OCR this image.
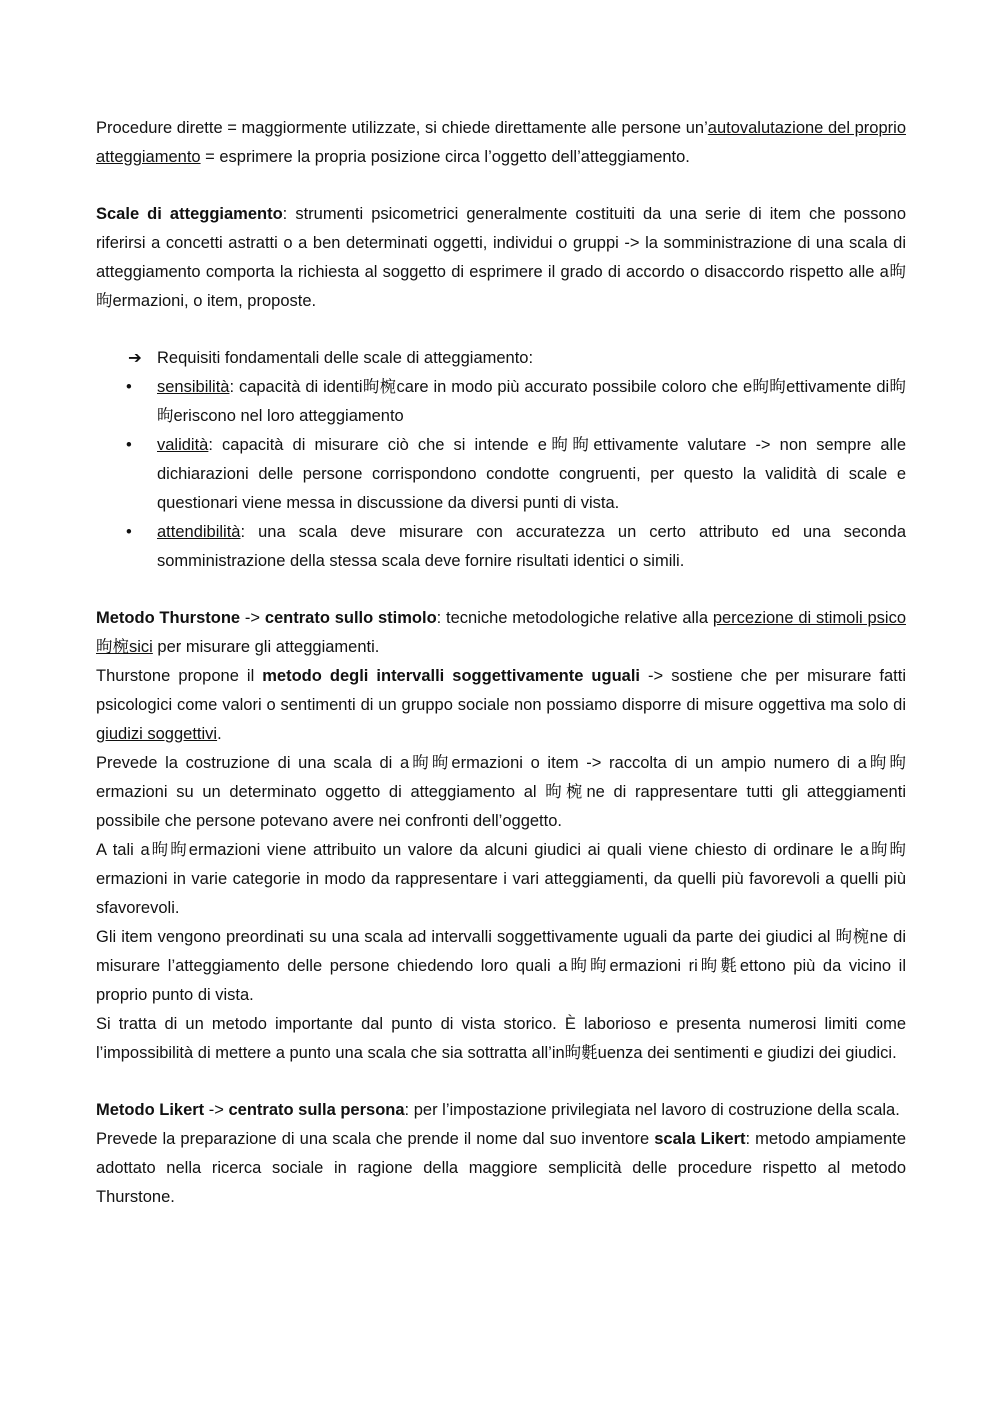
Procedure dirette = maggiormente utilizzate, si chiede direttamente alle persone un’autovalutazione del proprio atteggiamento = esprimere la propria posizione circa l’oggetto dell’atteggiamento.

Scale di atteggiamento: strumenti psicometrici generalmente costituiti da una serie di item che possono riferirsi a concetti astratti o a ben determinati oggetti, individui o gruppi -> la somministrazione di una scala di atteggiamento comporta la richiesta al soggetto di esprimere il grado di accordo o disaccordo rispetto alle a昫昫ermazioni, o item, proposte.

➔ Requisiti fondamentali delle scale di atteggiamento:
•	sensibilità: capacità di identi昫椀care in modo più accurato possibile coloro che e昫昫ettivamente di昫昫eriscono nel loro atteggiamento
•	validità: capacità di misurare ciò che si intende e昫昫ettivamente valutare -> non sempre alle dichiarazioni delle persone corrispondono condotte congruenti, per questo la validità di scale e questionari viene messa in discussione da diversi punti di vista.
•	attendibilità: una scala deve misurare con accuratezza un certo attributo ed una seconda somministrazione della stessa scala deve fornire risultati identici o simili.

Metodo Thurstone -> centrato sullo stimolo: tecniche metodologiche relative alla percezione di stimoli psico昫椀sici per misurare gli atteggiamenti.

Thurstone propone il metodo degli intervalli soggettivamente uguali -> sostiene che per misurare fatti psicologici come valori o sentimenti di un gruppo sociale non possiamo disporre di misure oggettiva ma solo di giudizi soggettivi.

Prevede la costruzione di una scala di a昫昫ermazioni o item -> raccolta di un ampio numero di a昫昫ermazioni su un determinato oggetto di atteggiamento al 昫椀ne di rappresentare tutti gli atteggiamenti possibile che persone potevano avere nei confronti dell’oggetto.

A tali a昫昫ermazioni viene attribuito un valore da alcuni giudici ai quali viene chiesto di ordinare le a昫昫ermazioni in varie categorie in modo da rappresentare i vari atteggiamenti, da quelli più favorevoli a quelli più sfavorevoli.

Gli item vengono preordinati su una scala ad intervalli soggettivamente uguali da parte dei giudici al 昫椀ne di misurare l’atteggiamento delle persone chiedendo loro quali a昫昫ermazioni ri昫氀ettono più da vicino il proprio punto di vista.

Si tratta di un metodo importante dal punto di vista storico. È laborioso e presenta numerosi limiti come l’impossibilità di mettere a punto una scala che sia sottratta all’in昫氀uenza dei sentimenti e giudizi dei giudici.

Metodo Likert -> centrato sulla persona: per l’impostazione privilegiata nel lavoro di costruzione della scala.

Prevede la preparazione di una scala che prende il nome dal suo inventore scala Likert: metodo ampiamente adottato nella ricerca sociale in ragione della maggiore semplicità delle procedure rispetto al metodo Thurstone.
